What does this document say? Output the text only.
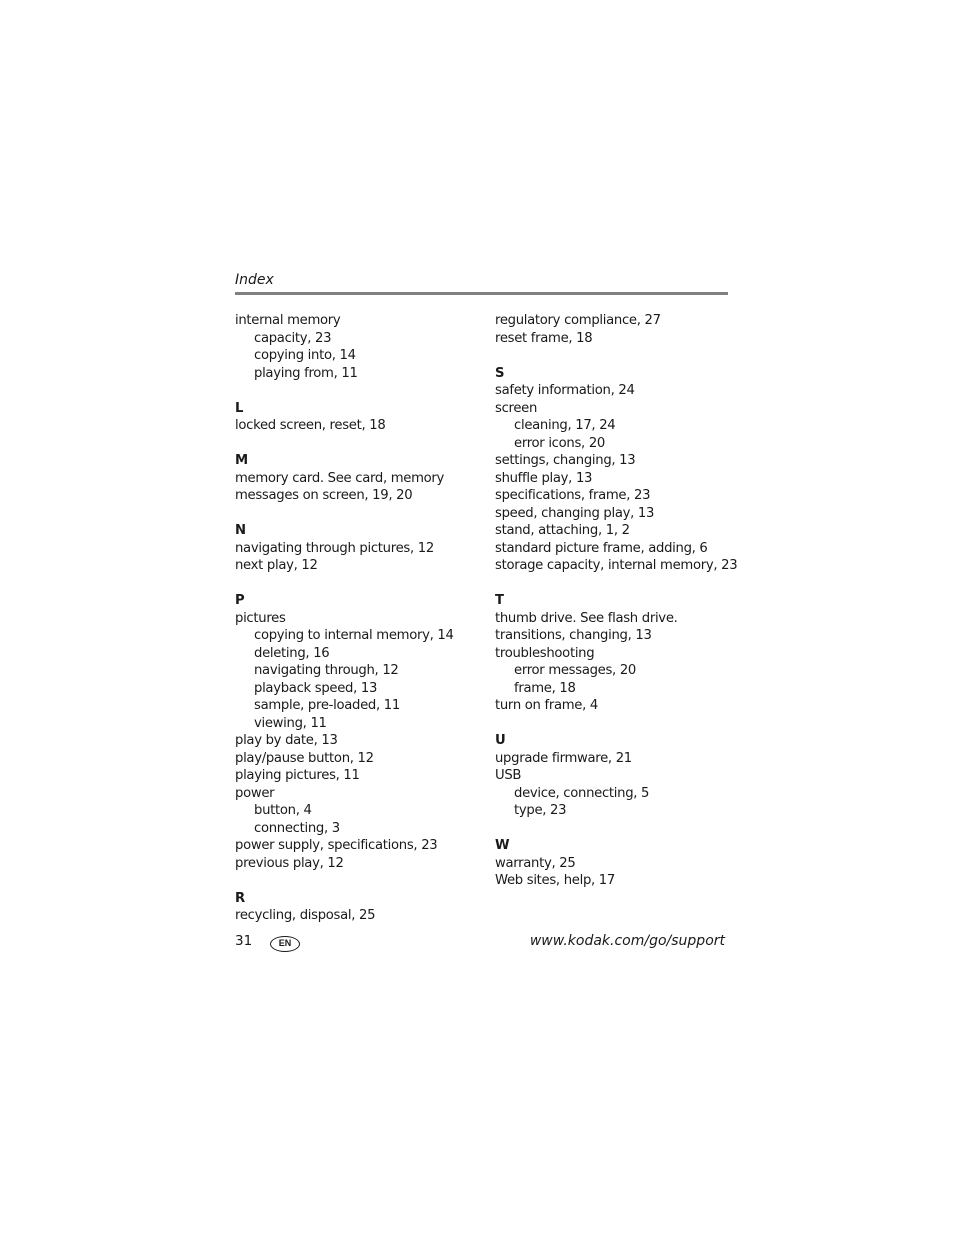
Index
internal memory
capacity, 23
copying into, 14
playing from, 11
L
locked screen, reset, 18
M
memory card. See card, memory
messages on screen, 19, 20
N
navigating through pictures, 12
next play, 12
P
pictures
copying to internal memory, 14
deleting, 16
navigating through, 12
playback speed, 13
sample, pre-loaded, 11
viewing, 11
play by date, 13
play/pause button, 12
playing pictures, 11
power
button, 4
connecting, 3
power supply, specifications, 23
previous play, 12
R
recycling, disposal, 25
regulatory compliance, 27
reset frame, 18
S
safety information, 24
screen
cleaning, 17, 24
error icons, 20
settings, changing, 13
shuffle play, 13
specifications, frame, 23
speed, changing play, 13
stand, attaching, 1, 2
standard picture frame, adding, 6
storage capacity, internal memory, 23
T
thumb drive. See flash drive.
transitions, changing, 13
troubleshooting
error messages, 20
frame, 18
turn on frame, 4
U
upgrade firmware, 21
USB
device, connecting, 5
type, 23
W
warranty, 25
Web sites, help, 17
31	EN	www.kodak.com/go/support
